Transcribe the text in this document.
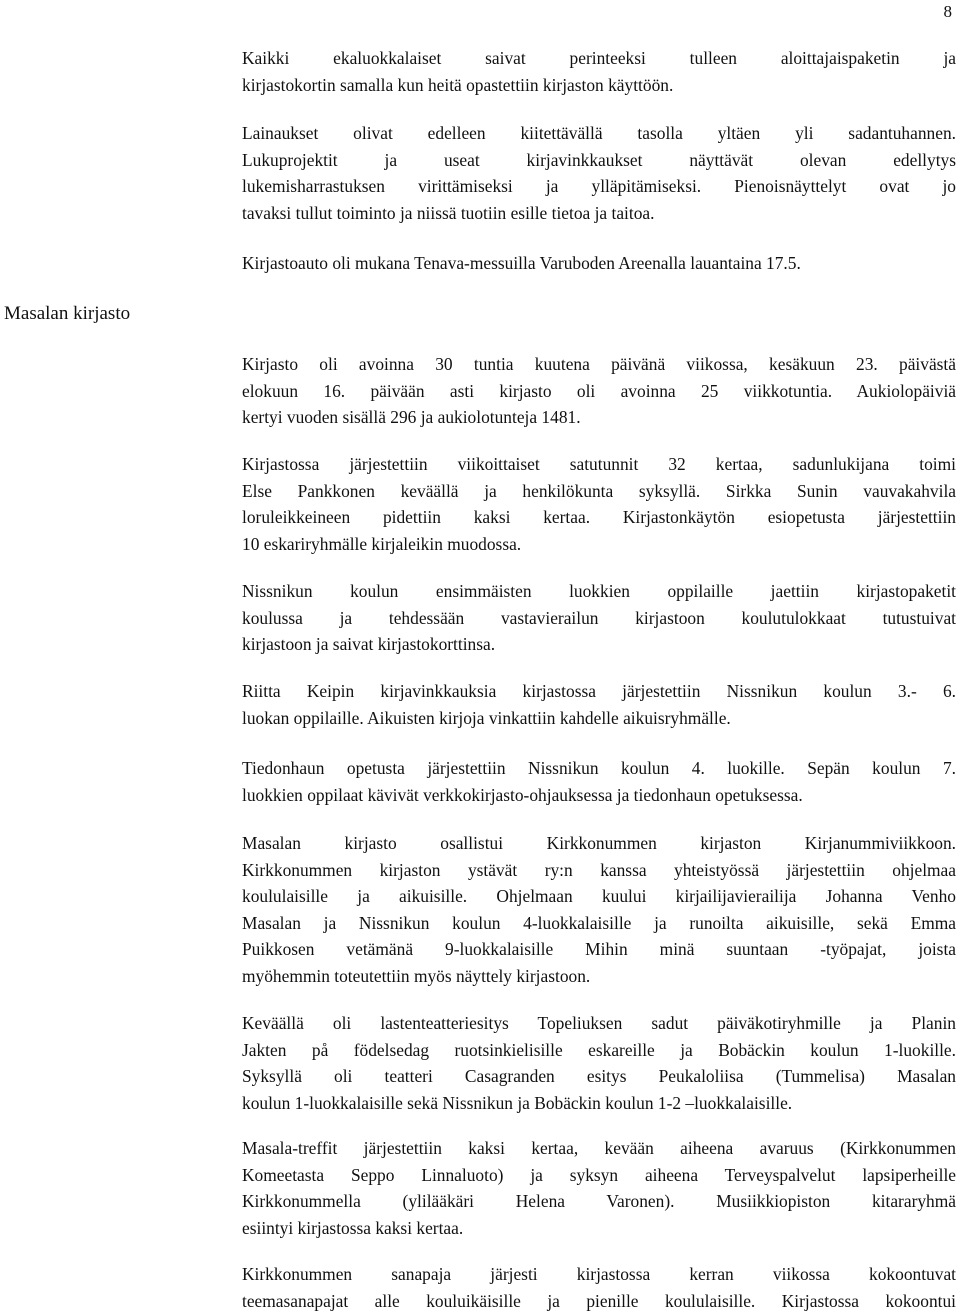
8
Masalan kirjasto

Kaikki ekaluokkalaiset saivat perinteeksi tulleen aloittajaispaketin ja
kirjastokortin samalla kun heitä opastettiin kirjaston käyttöön.

Lainaukset olivat edelleen kiitettävällä tasolla yltäen yli sadantuhannen.
Lukuprojektit ja useat kirjavinkkaukset näyttävät olevan edellytys
lukemisharrastuksen virittämiseksi ja ylläpitämiseksi. Pienoisnäyttelyt ovat jo
tavaksi tullut toiminto ja niissä tuotiin esille tietoa ja taitoa.

Kirjastoauto oli mukana Tenava-messuilla Varuboden Areenalla lauantaina 17.5.

Kirjasto oli avoinna 30 tuntia kuutena päivänä viikossa, kesäkuun 23. päivästä
elokuun 16. päivään asti kirjasto oli avoinna 25 viikkotuntia. Aukiolopäiviä
kertyi vuoden sisällä 296 ja aukiolotunteja 1481.

Kirjastossa järjestettiin viikoittaiset satutunnit 32 kertaa, sadunlukijana toimi
Else Pankkonen keväällä ja henkilökunta syksyllä. Sirkka Sunin vauvakahvila
loruleikkeineen pidettiin kaksi kertaa. Kirjastonkäytön esiopetusta järjestettiin
10 eskariryhmälle kirjaleikin muodossa.

Nissnikun koulun ensimmäisten luokkien oppilaille jaettiin kirjastopaketit
koulussa ja tehdessään vastavierailun kirjastoon koulutulokkaat tutustuivat
kirjastoon ja saivat kirjastokorttinsa.

Riitta Keipin kirjavinkkauksia kirjastossa järjestettiin Nissnikun koulun 3.- 6.
luokan oppilaille. Aikuisten kirjoja vinkattiin kahdelle aikuisryhmälle.

Tiedonhaun opetusta järjestettiin Nissnikun koulun 4. luokille. Sepän koulun 7.
luokkien oppilaat kävivät verkkokirjasto-ohjauksessa ja tiedonhaun opetuksessa.

Masalan kirjasto osallistui Kirkkonummen kirjaston Kirjanummiviikkoon.
Kirkkonummen kirjaston ystävät ry:n kanssa yhteistyössä järjestettiin ohjelmaa
koululaisille ja aikuisille. Ohjelmaan kuului kirjailijavierailija Johanna Venho
Masalan ja Nissnikun koulun 4-luokkalaisille ja runoilta aikuisille, sekä Emma
Puikkosen vetämänä 9-luokkalaisille Mihin minä suuntaan -työpajat, joista
myöhemmin toteutettiin myös näyttely kirjastoon.

Keväällä oli lastenteatteriesitys Topeliuksen sadut päiväkotiryhmille ja Planin
Jakten på födelsedag ruotsinkielisille eskareille ja Bobäckin koulun 1-luokille.
Syksyllä oli teatteri Casagranden esitys Peukaloliisa (Tummelisa) Masalan
koulun 1-luokkalaisille sekä Nissnikun ja Bobäckin koulun 1-2 –luokkalaisille.

Masala-treffit järjestettiin kaksi kertaa, kevään aiheena avaruus (Kirkkonummen
Komeetasta Seppo Linnaluoto) ja syksyn aiheena Terveyspalvelut lapsiperheille
Kirkkonummella (ylilääkäri Helena Varonen). Musiikkiopiston kitararyhmä
esiintyi kirjastossa kaksi kertaa.

Kirkkonummen sanapaja järjesti kirjastossa kerran viikossa kokoontuvat
teemasanapajat alle kouluikäisille ja pienille koululaisille. Kirjastossa kokoontui
